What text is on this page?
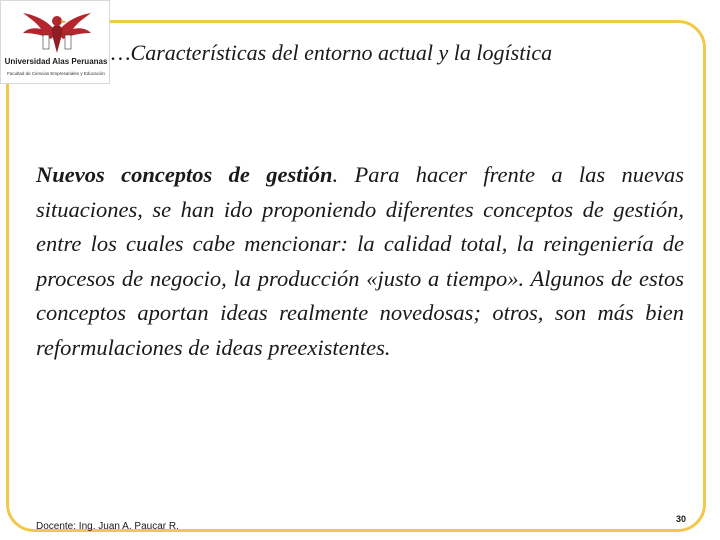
Universidad Alas Peruanas
Facultad de Ciencias Empresariales y Educación
…Características del entorno actual y la logística
Nuevos conceptos de gestión. Para hacer frente a las nuevas situaciones, se han ido proponiendo diferentes conceptos de gestión, entre los cuales cabe mencionar: la calidad total, la reingeniería de procesos de negocio, la producción «justo a tiempo». Algunos de estos conceptos aportan ideas realmente novedosas; otros, son más bien reformulaciones de ideas preexistentes.
Docente: Ing. Juan A. Paucar R.
30
